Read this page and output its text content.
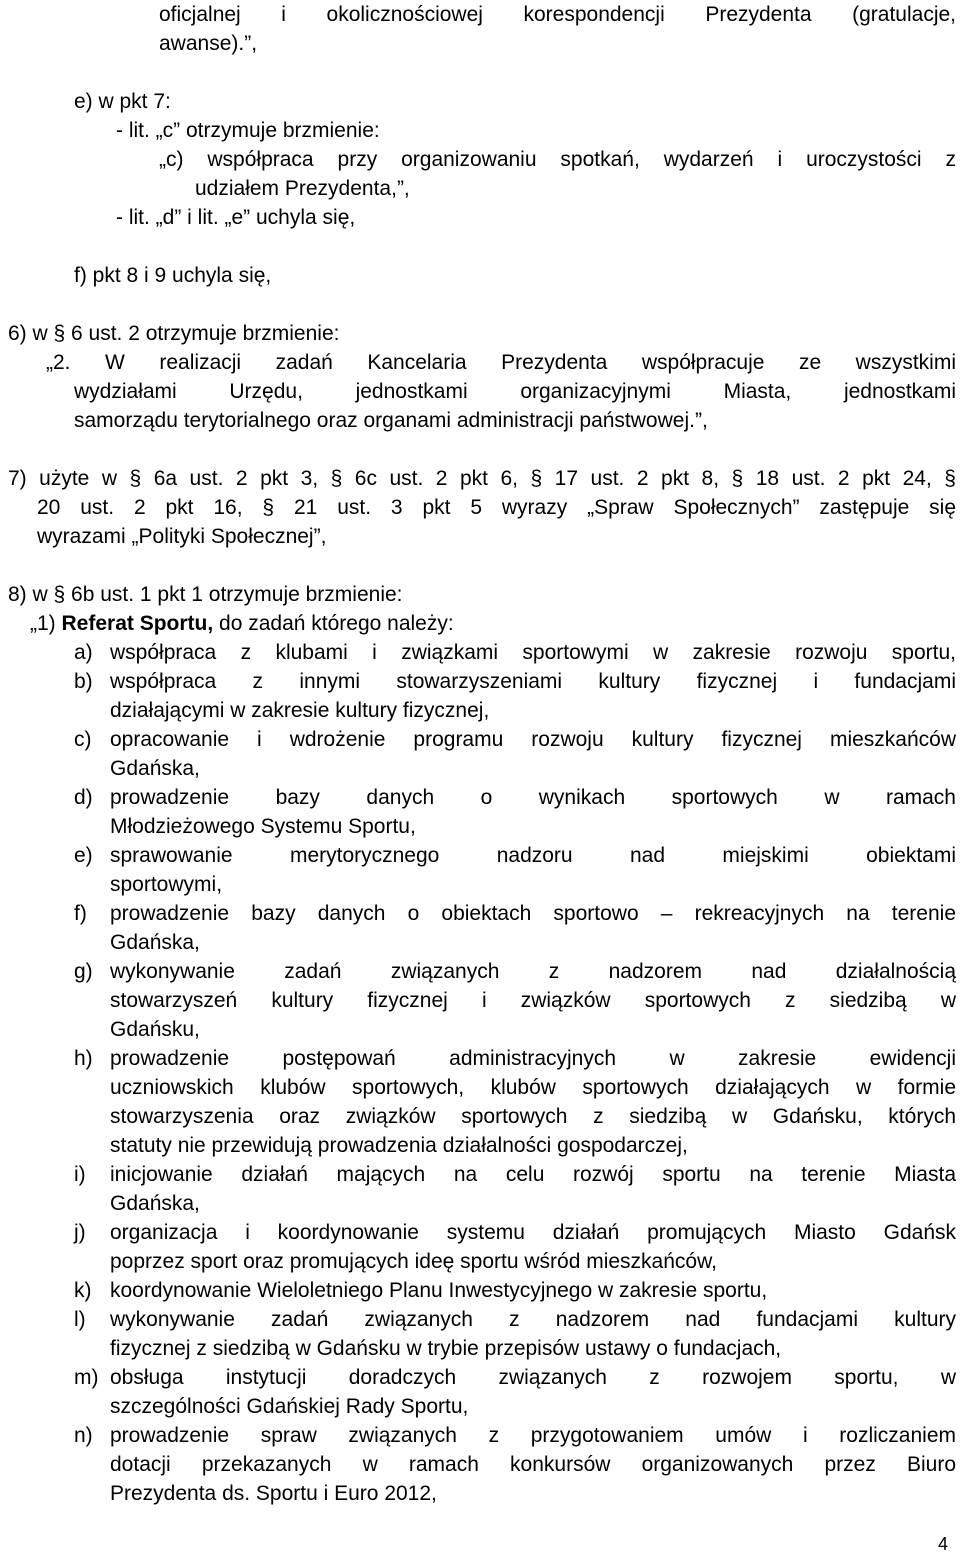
oficjalnej i okolicznościowej korespondencji Prezydenta (gratulacje,
awanse).”,
e) w pkt 7:
- lit. „c” otrzymuje brzmienie:
„c) współpraca przy organizowaniu spotkań, wydarzeń i uroczystości z
udziałem Prezydenta,”,
- lit. „d” i lit. „e” uchyla się,
f) pkt 8 i 9 uchyla się,
6) w § 6 ust. 2 otrzymuje brzmienie:
„2. W realizacji zadań Kancelaria Prezydenta współpracuje ze wszystkimi
wydziałami Urzędu, jednostkami organizacyjnymi Miasta, jednostkami
samorządu terytorialnego oraz organami administracji państwowej.”,
7) użyte w § 6a ust. 2 pkt 3, § 6c ust. 2 pkt 6, § 17 ust. 2 pkt 8, § 18 ust. 2 pkt 24, §
20 ust. 2 pkt 16, § 21 ust. 3 pkt 5 wyrazy „Spraw Społecznych” zastępuje się
wyrazami „Polityki Społecznej”,
8) w § 6b ust. 1 pkt 1 otrzymuje brzmienie:
„1) Referat Sportu, do zadań którego należy:
a) współpraca z klubami i związkami sportowymi w zakresie rozwoju sportu,
b) współpraca z innymi stowarzyszeniami kultury fizycznej i fundacjami
działającymi w zakresie kultury fizycznej,
c) opracowanie i wdrożenie programu rozwoju kultury fizycznej mieszkańców
Gdańska,
d) prowadzenie bazy danych o wynikach sportowych w ramach
Młodzieżowego Systemu Sportu,
e) sprawowanie merytorycznego nadzoru nad miejskimi obiektami
sportowymi,
f) prowadzenie bazy danych o obiektach sportowo – rekreacyjnych na terenie
Gdańska,
g) wykonywanie zadań związanych z nadzorem nad działalnością
stowarzyszeń kultury fizycznej i związków sportowych z siedzibą w
Gdańsku,
h) prowadzenie postępowań administracyjnych w zakresie ewidencji
uczniowskich klubów sportowych, klubów sportowych działających w formie
stowarzyszenia oraz związków sportowych z siedzibą w Gdańsku, których
statuty nie przewidują prowadzenia działalności gospodarczej,
i) inicjowanie działań mających na celu rozwój sportu na terenie Miasta
Gdańska,
j) organizacja i koordynowanie systemu działań promujących Miasto Gdańsk
poprzez sport oraz promujących ideę sportu wśród mieszkańców,
k) koordynowanie Wieloletniego Planu Inwestycyjnego w zakresie sportu,
l) wykonywanie zadań związanych z nadzorem nad fundacjami kultury
fizycznej z siedzibą w Gdańsku w trybie przepisów ustawy o fundacjach,
m) obsługa instytucji doradczych związanych z rozwojem sportu, w
szczególności Gdańskiej Rady Sportu,
n) prowadzenie spraw związanych z przygotowaniem umów i rozliczaniem
dotacji przekazanych w ramach konkursów organizowanych przez Biuro
Prezydenta ds. Sportu i Euro 2012,
4
